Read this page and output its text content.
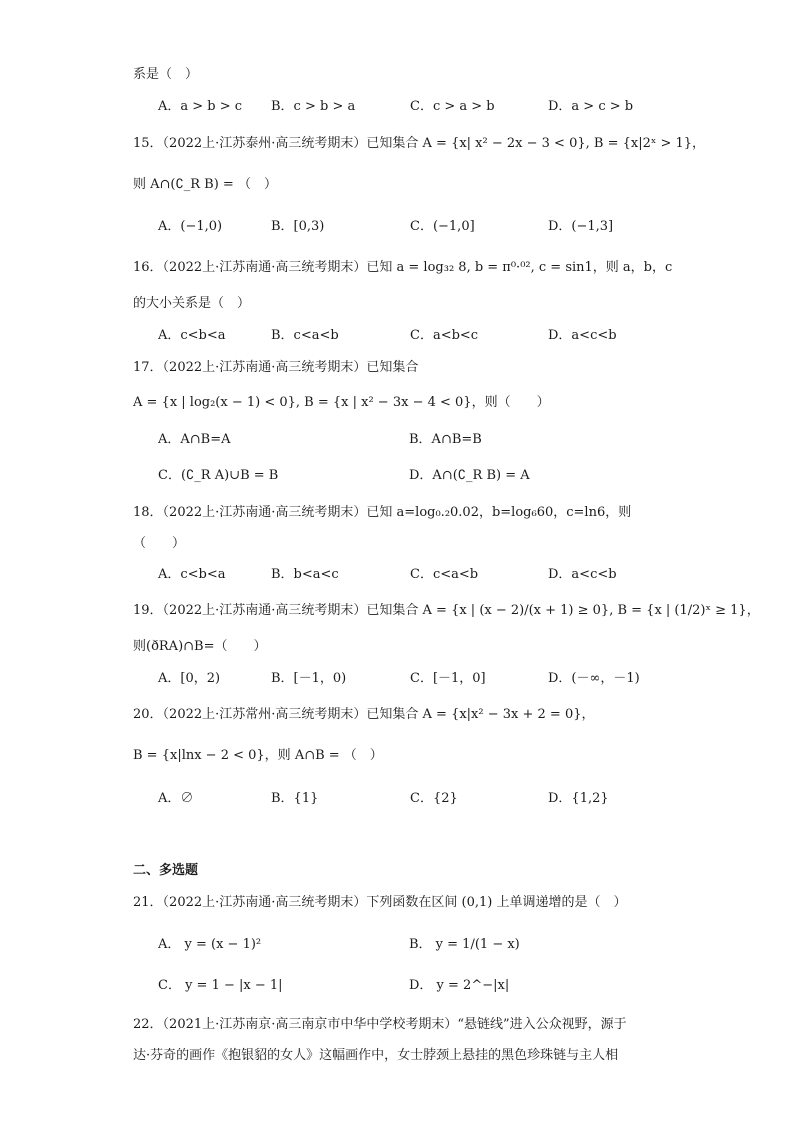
系是（　）
A．a > b > c B．c > b > a	C．c > a > b	D．a > c > b
15．（2022上·江苏泰州·高三统考期末）已知集合 A = {x| x² − 2x − 3 < 0}, B = {x|2ˣ > 1}，
则 A∩(∁_R B) = （　）
A．(−1,0)	B．[0,3)	C．(−1,0]	D．(−1,3]
16．（2022上·江苏南通·高三统考期末）已知 a = log₃₂ 8, b = π⁰·⁰², c = sin1，则 a，b，c
的大小关系是（　）
A．c<b<a	B．c<a<b	C．a<b<c	D．a<c<b
17．（2022上·江苏南通·高三统考期末）已知集合
A = {x | log₂(x − 1) < 0}, B = {x | x² − 3x − 4 < 0}，则（　　）
A．A∩B=A	B．A∩B=B
C．(∁_R A)∪B = B	D．A∩(∁_R B) = A
18．（2022上·江苏南通·高三统考期末）已知 a=log₀.₂0.02，b=log₆60，c=ln6，则
（　　）
A．c<b<a	B．b<a<c	C．c<a<b	D．a<c<b
19．（2022上·江苏南通·高三统考期末）已知集合 A = {x | (x − 2)/(x + 1) ≥ 0}, B = {x | (1/2)ˣ ≥ 1}，
则(ðRA)∩B=（　　）
A．[0，2)	B．[－1，0)	C．[－1，0]	D．(－∞，－1)
20．（2022上·江苏常州·高三统考期末）已知集合 A = {x|x² − 3x + 2 = 0}，
B = {x|lnx − 2 < 0}，则 A∩B = （　）
A．∅	B．{1}	C．{2}	D．{1,2}
二、多选题
21．（2022上·江苏南通·高三统考期末）下列函数在区间 (0,1) 上单调递增的是（　）
A． y = (x − 1)²	B． y = 1/(1 − x)
C． y = 1 − |x − 1|	D． y = 2^−|x|
22．（2021上·江苏南京·高三南京市中华中学校考期末）“悬链线”进入公众视野，源于
达·芬奇的画作《抱银貂的女人》这幅画作中，女士脖颈上悬挂的黑色珍珠链与主人相
